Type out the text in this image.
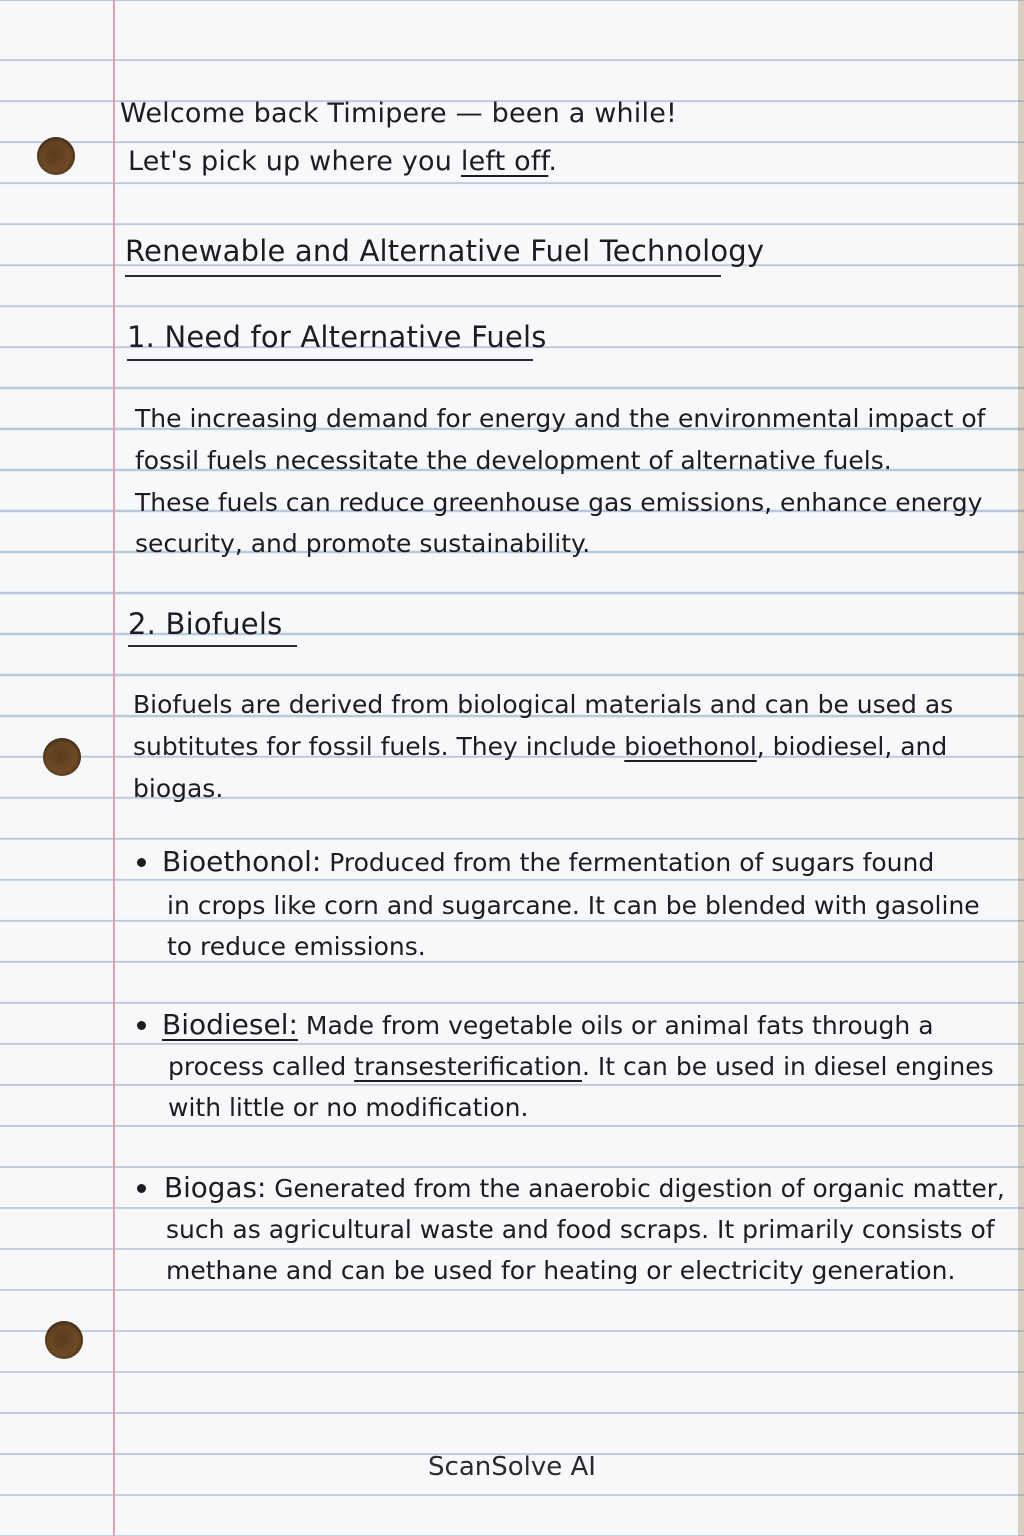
Welcome back Timipere — been a while!
Let's pick up where you left off.
Renewable and Alternative Fuel Technology
1. Need for Alternative Fuels
The increasing demand for energy and the environmental impact of
fossil fuels necessitate the development of alternative fuels.
These fuels can reduce greenhouse gas emissions, enhance energy
security, and promote sustainability.
2. Biofuels
Biofuels are derived from biological materials and can be used as
subtitutes for fossil fuels. They include bioethonol, biodiesel, and
biogas.
Bioethonol: Produced from the fermentation of sugars found
in crops like corn and sugarcane. It can be blended with gasoline
to reduce emissions.
Biodiesel: Made from vegetable oils or animal fats through a
process called transesterification. It can be used in diesel engines
with little or no modification.
Biogas: Generated from the anaerobic digestion of organic matter,
such as agricultural waste and food scraps. It primarily consists of
methane and can be used for heating or electricity generation.
ScanSolve AI
